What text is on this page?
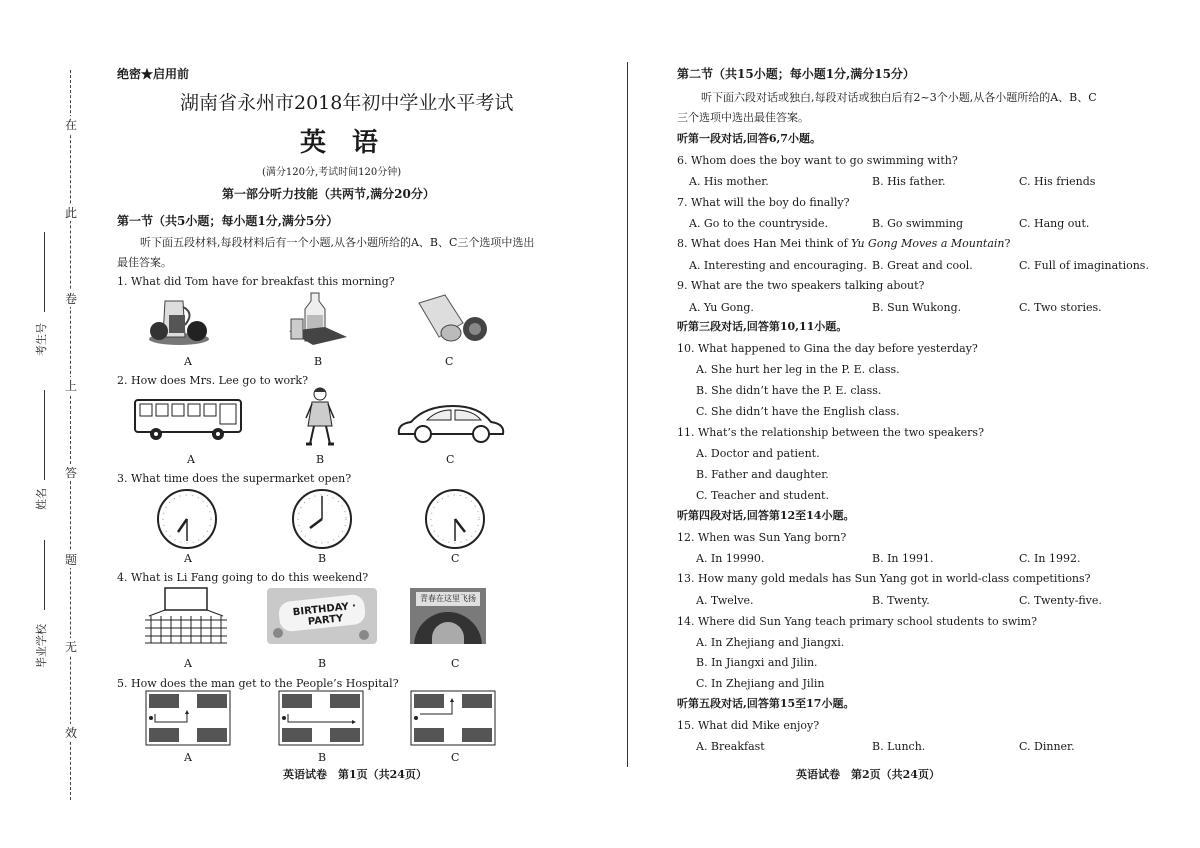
在
此
卷
上
答
题
无
效
考生号
姓名
毕业学校
绝密★启用前
湖南省永州市2018年初中学业水平考试
英　语
(满分120分,考试时间120分钟)
第一部分听力技能（共两节,满分20分）
第一节（共5小题；每小题1分,满分5分）
听下面五段材料,每段材料后有一个小题,从各小题所给的A、B、C三个选项中选出
最佳答案。
1. What did Tom have for breakfast this morning?
A	B	C
2. How does Mrs. Lee go to work?
A	B	C
3. What time does the supermarket open?
A	B	C
4. What is Li Fang going to do this weekend?
BIRTHDAY · PARTY
青春在这里飞扬
A	B	C
5. How does the man get to the People’s Hospital?
A	B	C
英语试卷　第1页（共24页）
第二节（共15小题；每小题1分,满分15分）
听下面六段对话或独白,每段对话或独白后有2~3个小题,从各小题所给的A、B、C
三个选项中选出最佳答案。
听第一段对话,回答6,7小题。
6. Whom does the boy want to go swimming with?
A. His mother.	B. His father.	C. His friends
7. What will the boy do finally?
A. Go to the countryside.	B. Go swimming	C. Hang out.
8. What does Han Mei think of Yu Gong Moves a Mountain?
A. Interesting and encouraging. B. Great and cool.	C. Full of imaginations.
9. What are the two speakers talking about?
A. Yu Gong.	B. Sun Wukong.	C. Two stories.
听第三段对话,回答第10,11小题。
10. What happened to Gina the day before yesterday?
A. She hurt her leg in the P. E. class.
B. She didn’t have the P. E. class.
C. She didn’t have the English class.
11. What’s the relationship between the two speakers?
A. Doctor and patient.
B. Father and daughter.
C. Teacher and student.
听第四段对话,回答第12至14小题。
12. When was Sun Yang born?
A. In 19990.	B. In 1991.	C. In 1992.
13. How many gold medals has Sun Yang got in world-class competitions?
A. Twelve.	B. Twenty.	C. Twenty-five.
14. Where did Sun Yang teach primary school students to swim?
A. In Zhejiang and Jiangxi.
B. In Jiangxi and Jilin.
C. In Zhejiang and Jilin
听第五段对话,回答第15至17小题。
15. What did Mike enjoy?
A. Breakfast	B. Lunch.	C. Dinner.
英语试卷　第2页（共24页）
